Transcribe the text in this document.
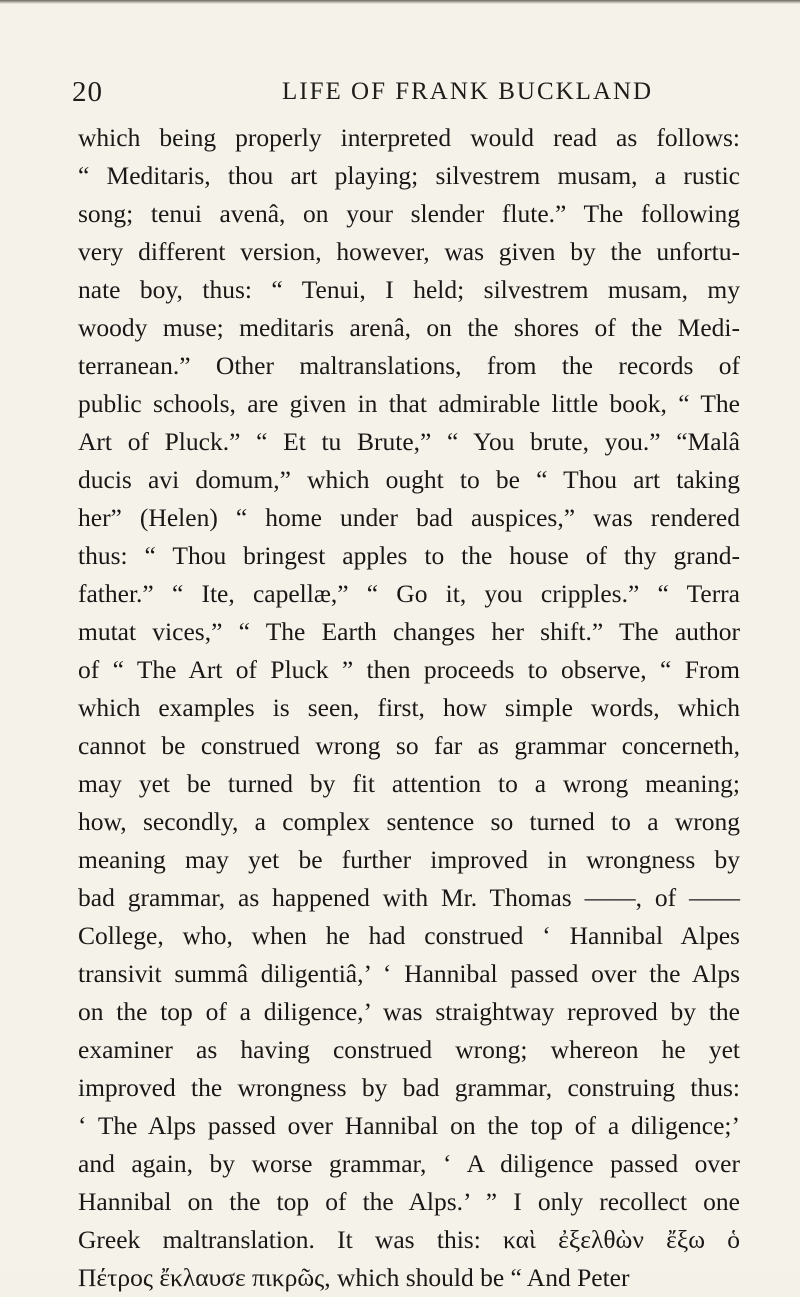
20	LIFE OF FRANK BUCKLAND
which being properly interpreted would read as follows:
“ Meditaris, thou art playing; silvestrem musam, a rustic
song; tenui avenâ, on your slender flute.” The following
very different version, however, was given by the unfortu-
nate boy, thus: “ Tenui, I held; silvestrem musam, my
woody muse; meditaris arenâ, on the shores of the Medi-
terranean.” Other maltranslations, from the records of
public schools, are given in that admirable little book, “ The
Art of Pluck.” “ Et tu Brute,” “ You brute, you.” “Malâ
ducis avi domum,” which ought to be “ Thou art taking
her” (Helen) “ home under bad auspices,” was rendered
thus: “ Thou bringest apples to the house of thy grand-
father.” “ Ite, capellæ,” “ Go it, you cripples.” “ Terra
mutat vices,” “ The Earth changes her shift.” The author
of “ The Art of Pluck ” then proceeds to observe, “ From
which examples is seen, first, how simple words, which
cannot be construed wrong so far as grammar concerneth,
may yet be turned by fit attention to a wrong meaning;
how, secondly, a complex sentence so turned to a wrong
meaning may yet be further improved in wrongness by
bad grammar, as happened with Mr. Thomas ——, of ——
College, who, when he had construed ‘ Hannibal Alpes
transivit summâ diligentiâ,’ ‘ Hannibal passed over the Alps
on the top of a diligence,’ was straightway reproved by the
examiner as having construed wrong; whereon he yet
improved the wrongness by bad grammar, construing thus:
‘ The Alps passed over Hannibal on the top of a diligence;’
and again, by worse grammar, ‘ A diligence passed over
Hannibal on the top of the Alps.’ ” I only recollect one
Greek maltranslation. It was this: καὶ ἐξελθὼν ἔξω ὁ
Πέτρος ἔκλαυσε πικρῶς, which should be “ And Peter
